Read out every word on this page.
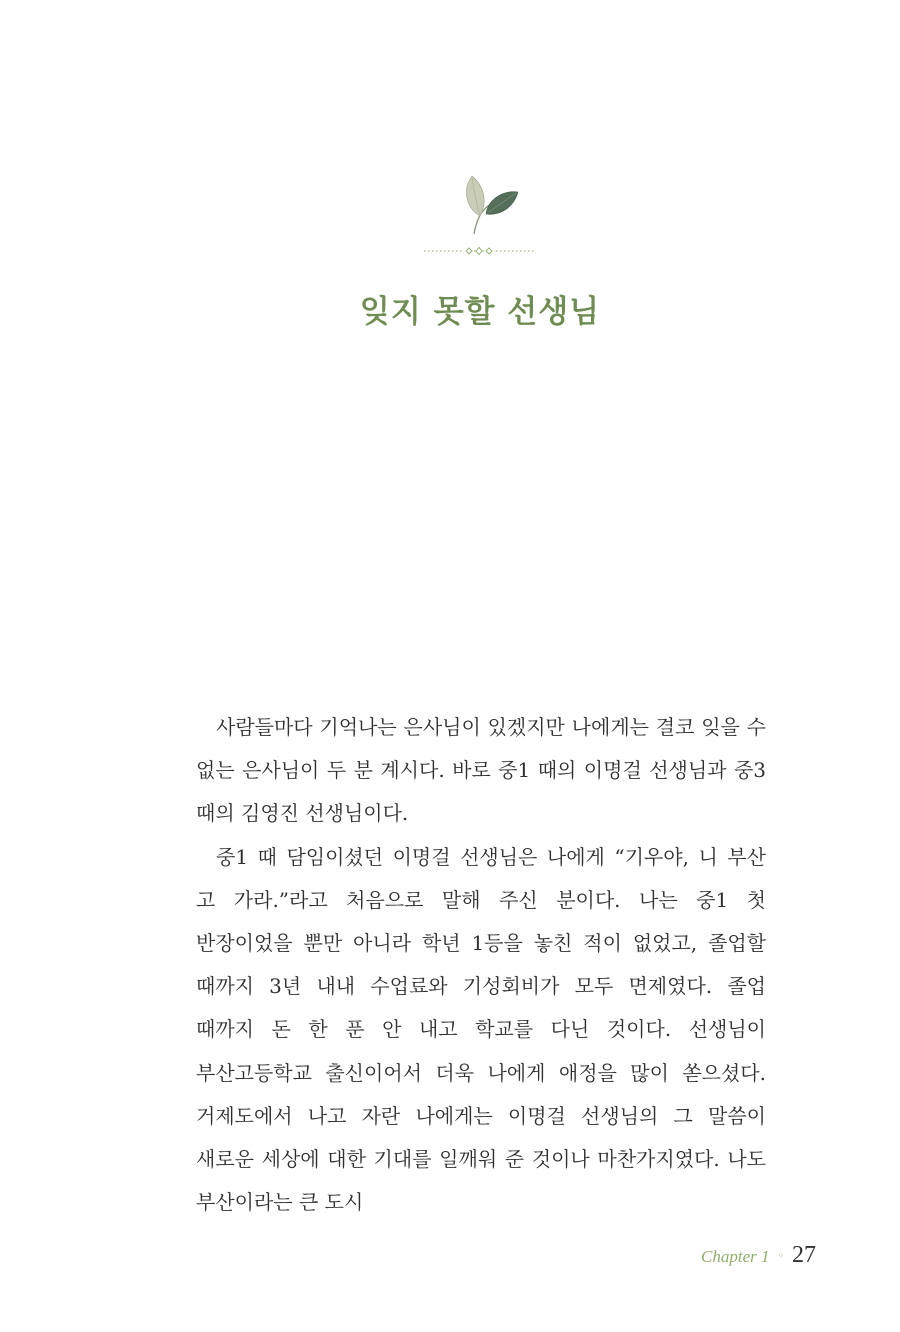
잊지 못할 선생님

사람들마다 기억나는 은사님이 있겠지만 나에게는 결코 잊을 수 없는 은사님이 두 분 계시다. 바로 중1 때의 이명걸 선생님과 중3 때의 김영진 선생님이다.

중1 때 담임이셨던 이명걸 선생님은 나에게 “기우야, 니 부산 고 가라.”라고 처음으로 말해 주신 분이다. 나는 중1 첫 반장이었을 뿐만 아니라 학년 1등을 놓친 적이 없었고, 졸업할 때까지 3년 내내 수업료와 기성회비가 모두 면제였다. 졸업 때까지 돈 한 푼 안 내고 학교를 다닌 것이다. 선생님이 부산고등학교 출신이어서 더욱 나에게 애정을 많이 쏟으셨다. 거제도에서 나고 자란 나에게는 이명걸 선생님의 그 말씀이 새로운 세상에 대한 기대를 일깨워 준 것이나 마찬가지였다. 나도 부산이라는 큰 도시

Chapter 1 ◦ 27
